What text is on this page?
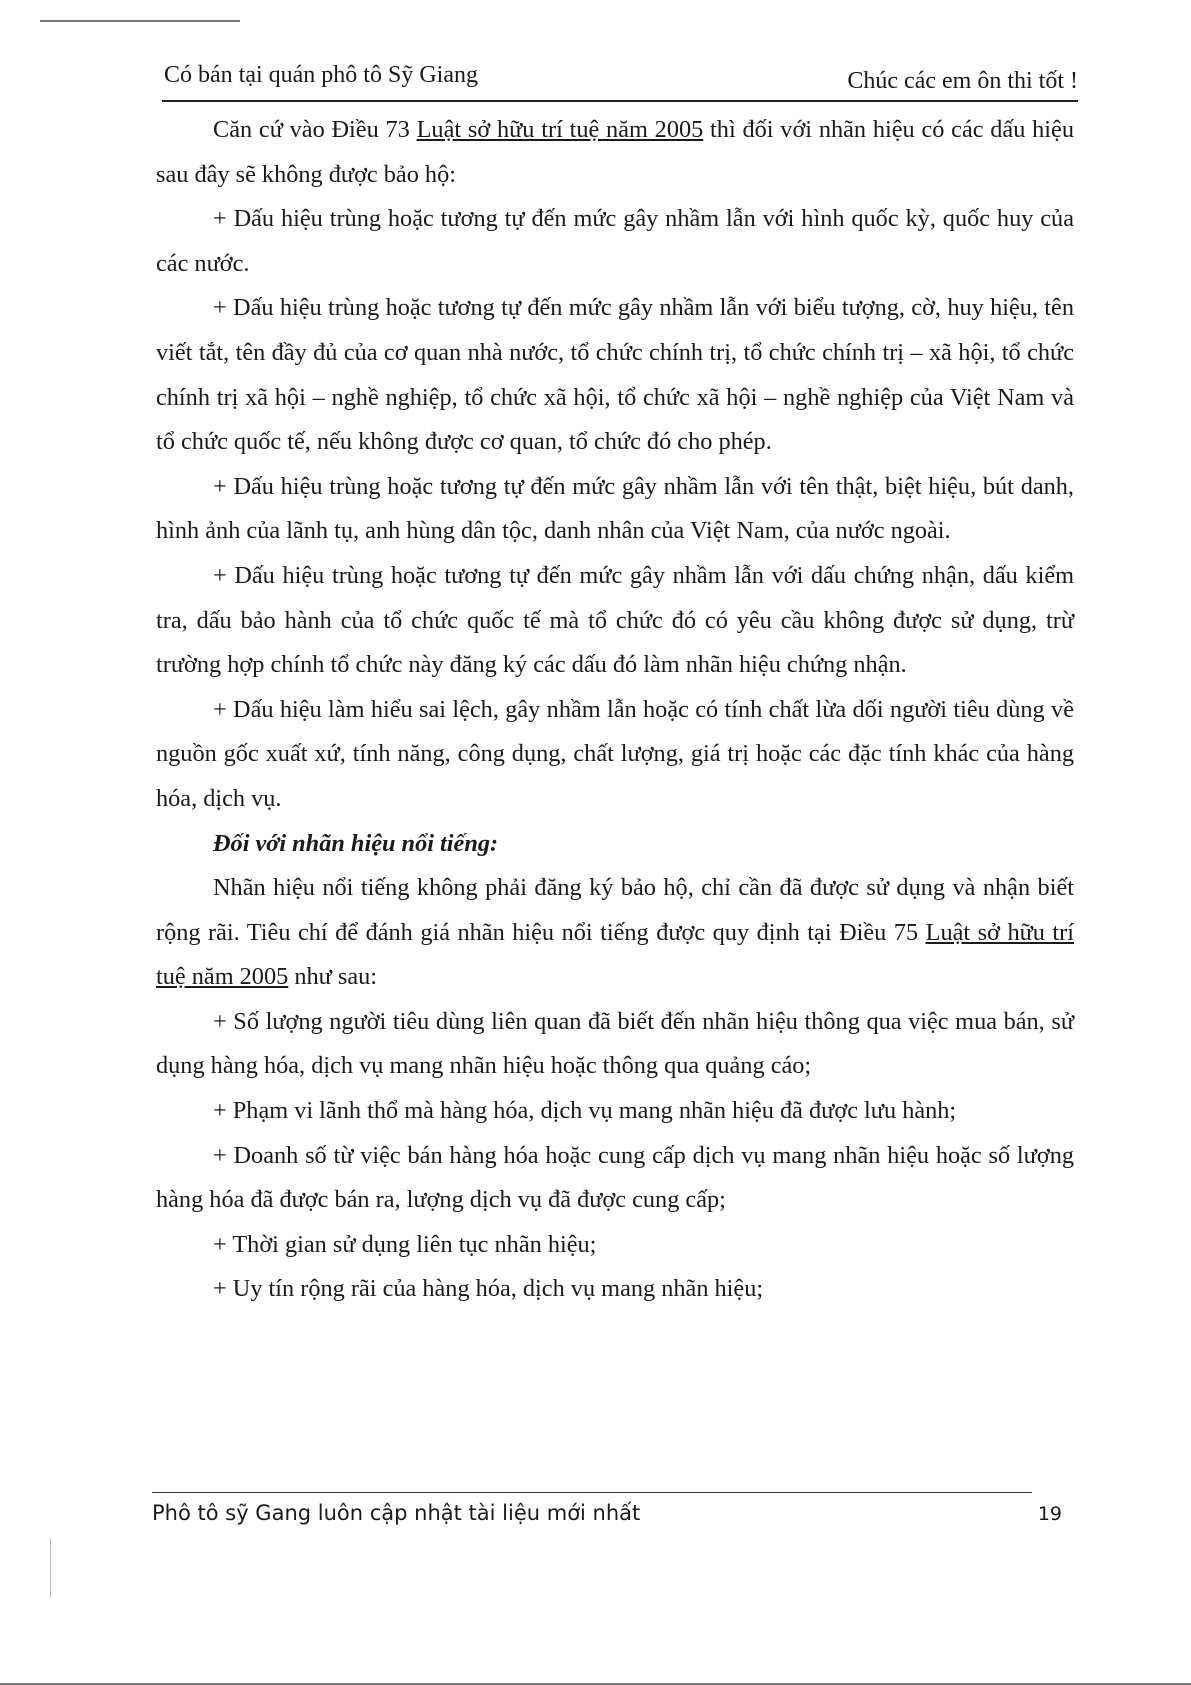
Có bán tại quán phô tô Sỹ Giang	Chúc các em ôn thi tốt !

Căn cứ vào Điều 73 Luật sở hữu trí tuệ năm 2005 thì đối với nhãn hiệu có các dấu hiệu sau đây sẽ không được bảo hộ:

+ Dấu hiệu trùng hoặc tương tự đến mức gây nhầm lẫn với hình quốc kỳ, quốc huy của các nước.

+ Dấu hiệu trùng hoặc tương tự đến mức gây nhầm lẫn với biểu tượng, cờ, huy hiệu, tên viết tắt, tên đầy đủ của cơ quan nhà nước, tổ chức chính trị, tổ chức chính trị – xã hội, tổ chức chính trị xã hội – nghề nghiệp, tổ chức xã hội, tổ chức xã hội – nghề nghiệp của Việt Nam và tổ chức quốc tế, nếu không được cơ quan, tổ chức đó cho phép.

+ Dấu hiệu trùng hoặc tương tự đến mức gây nhầm lẫn với tên thật, biệt hiệu, bút danh, hình ảnh của lãnh tụ, anh hùng dân tộc, danh nhân của Việt Nam, của nước ngoài.

+ Dấu hiệu trùng hoặc tương tự đến mức gây nhầm lẫn với dấu chứng nhận, dấu kiểm tra, dấu bảo hành của tổ chức quốc tế mà tổ chức đó có yêu cầu không được sử dụng, trừ trường hợp chính tổ chức này đăng ký các dấu đó làm nhãn hiệu chứng nhận.

+ Dấu hiệu làm hiểu sai lệch, gây nhầm lẫn hoặc có tính chất lừa dối người tiêu dùng về nguồn gốc xuất xứ, tính năng, công dụng, chất lượng, giá trị hoặc các đặc tính khác của hàng hóa, dịch vụ.

Đối với nhãn hiệu nổi tiếng:

Nhãn hiệu nổi tiếng không phải đăng ký bảo hộ, chỉ cần đã được sử dụng và nhận biết rộng rãi. Tiêu chí để đánh giá nhãn hiệu nổi tiếng được quy định tại Điều 75 Luật sở hữu trí tuệ năm 2005 như sau:

+ Số lượng người tiêu dùng liên quan đã biết đến nhãn hiệu thông qua việc mua bán, sử dụng hàng hóa, dịch vụ mang nhãn hiệu hoặc thông qua quảng cáo;

+ Phạm vi lãnh thổ mà hàng hóa, dịch vụ mang nhãn hiệu đã được lưu hành;

+ Doanh số từ việc bán hàng hóa hoặc cung cấp dịch vụ mang nhãn hiệu hoặc số lượng hàng hóa đã được bán ra, lượng dịch vụ đã được cung cấp;

+ Thời gian sử dụng liên tục nhãn hiệu;

+ Uy tín rộng rãi của hàng hóa, dịch vụ mang nhãn hiệu;

Phô tô sỹ Gang luôn cập nhật tài liệu mới nhất	19
